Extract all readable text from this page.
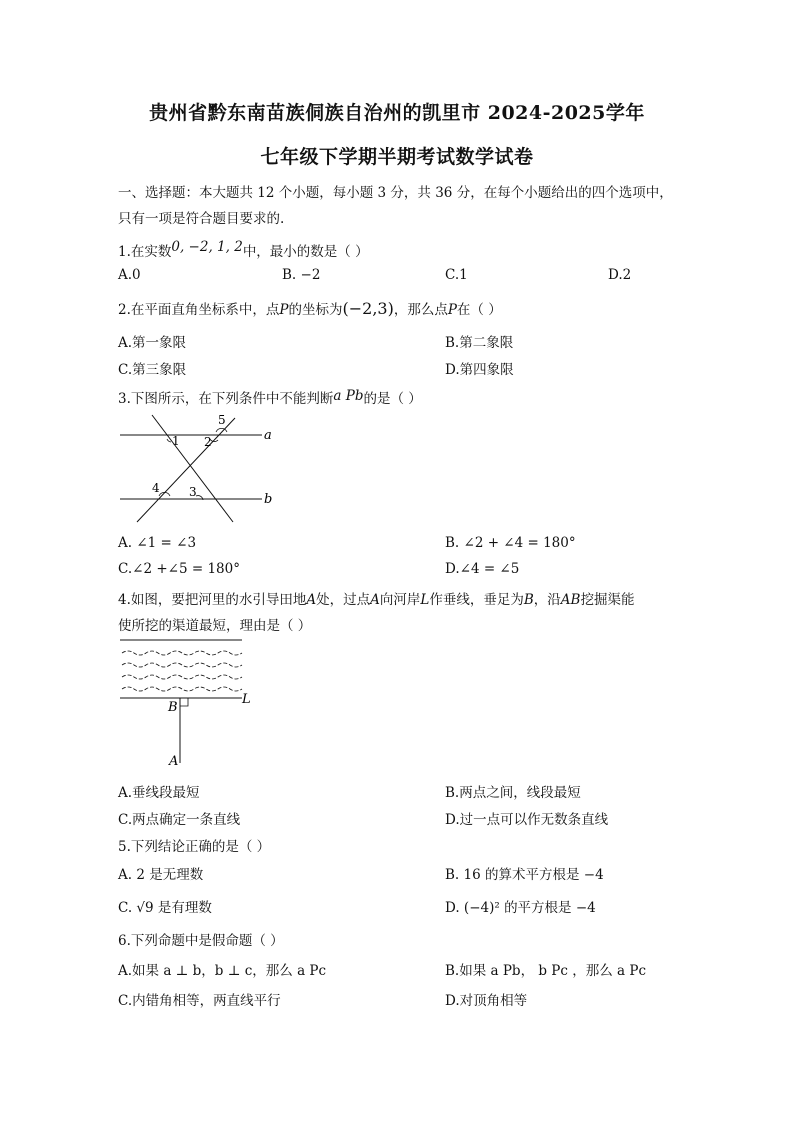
贵州省黔东南苗族侗族自治州的凯里市 2024-2025学年
七年级下学期半期考试数学试卷
一、选择题：本大题共 12 个小题，每小题 3 分，共 36 分，在每个小题给出的四个选项中，
只有一项是符合题目要求的.
1.在实数0, −2, 1, 2中，最小的数是（ ）
A.0	B. −2	C.1	D.2
2.在平面直角坐标系中，点P的坐标为(−2,3)，那么点P在（ ）
A.第一象限	B.第二象限
C.第三象限	D.第四象限
3.下图所示，在下列条件中不能判断a Pb的是（ ）
5
1 2	a
4 3	b
A. ∠1 = ∠3	B. ∠2 + ∠4 = 180°
C.∠2 +∠5 = 180°	D.∠4 = ∠5
4.如图，要把河里的水引导田地A处，过点A向河岸L作垂线，垂足为B，沿AB挖掘渠能
使所挖的渠道最短，理由是（ ）
B
L
A
A.垂线段最短	B.两点之间，线段最短
C.两点确定一条直线	D.过一点可以作无数条直线
5.下列结论正确的是（ ）
A. 2 是无理数	B. 16 的算术平方根是 −4
C. √9 是有理数	D. (−4)² 的平方根是 −4
6.下列命题中是假命题（ ）
A.如果 a ⊥ b，b ⊥ c，那么 a Pc	B.如果 a Pb， b Pc ，那么 a Pc
C.内错角相等，两直线平行	D.对顶角相等
